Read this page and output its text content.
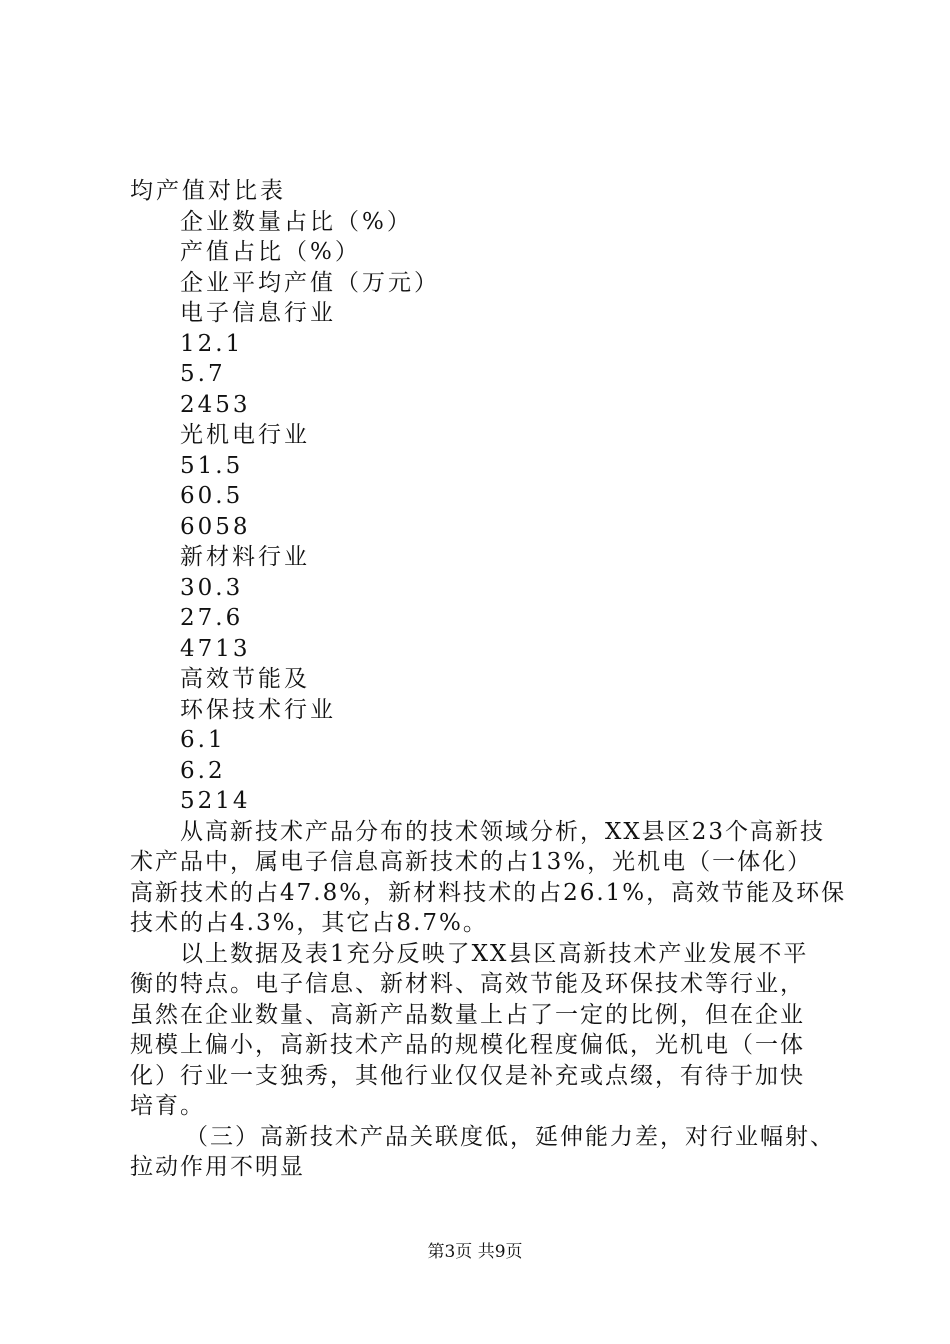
均产值对比表
企业数量占比（%）
产值占比（%）
企业平均产值（万元）
电子信息行业
12.1
5.7
2453
光机电行业
51.5
60.5
6058
新材料行业
30.3
27.6
4713
高效节能及
环保技术行业
6.1
6.2
5214
从高新技术产品分布的技术领域分析，XX县区23个高新技
术产品中，属电子信息高新技术的占13%，光机电（一体化）
高新技术的占47.8%，新材料技术的占26.1%，高效节能及环保
技术的占4.3%，其它占8.7%。
以上数据及表1充分反映了XX县区高新技术产业发展不平
衡的特点。电子信息、新材料、高效节能及环保技术等行业，
虽然在企业数量、高新产品数量上占了一定的比例，但在企业
规模上偏小，高新技术产品的规模化程度偏低，光机电（一体
化）行业一支独秀，其他行业仅仅是补充或点缀，有待于加快
培育。
（三）高新技术产品关联度低，延伸能力差，对行业幅射、
拉动作用不明显
第3页 共9页
